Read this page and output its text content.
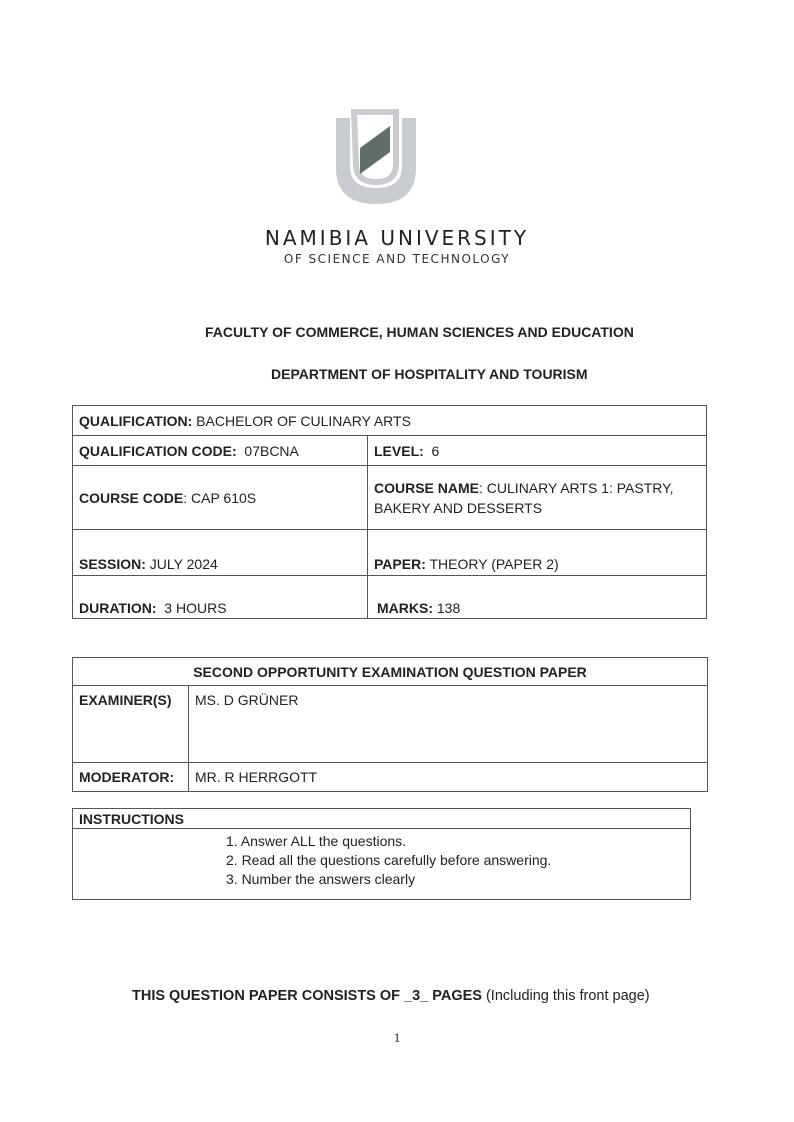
NAMIBIA UNIVERSITY
OF SCIENCE AND TECHNOLOGY
FACULTY OF COMMERCE, HUMAN SCIENCES AND EDUCATION
DEPARTMENT OF HOSPITALITY AND TOURISM
QUALIFICATION: BACHELOR OF CULINARY ARTS	
QUALIFICATION CODE:  07BCNA	LEVEL:  6
COURSE CODE: CAP 610S	COURSE NAME: CULINARY ARTS 1: PASTRY, BAKERY AND DESSERTS
SESSION: JULY 2024	PAPER: THEORY (PAPER 2)
DURATION:  3 HOURS	MARKS: 138
SECOND OPPORTUNITY EXAMINATION QUESTION PAPER	
EXAMINER(S)	MS. D GRÜNER
MODERATOR:	MR. R HERRGOTT
INSTRUCTIONS

1. Answer ALL the questions.
2. Read all the questions carefully before answering.
3. Number the answers clearly
THIS QUESTION PAPER CONSISTS OF _3_ PAGES (Including this front page)
1
